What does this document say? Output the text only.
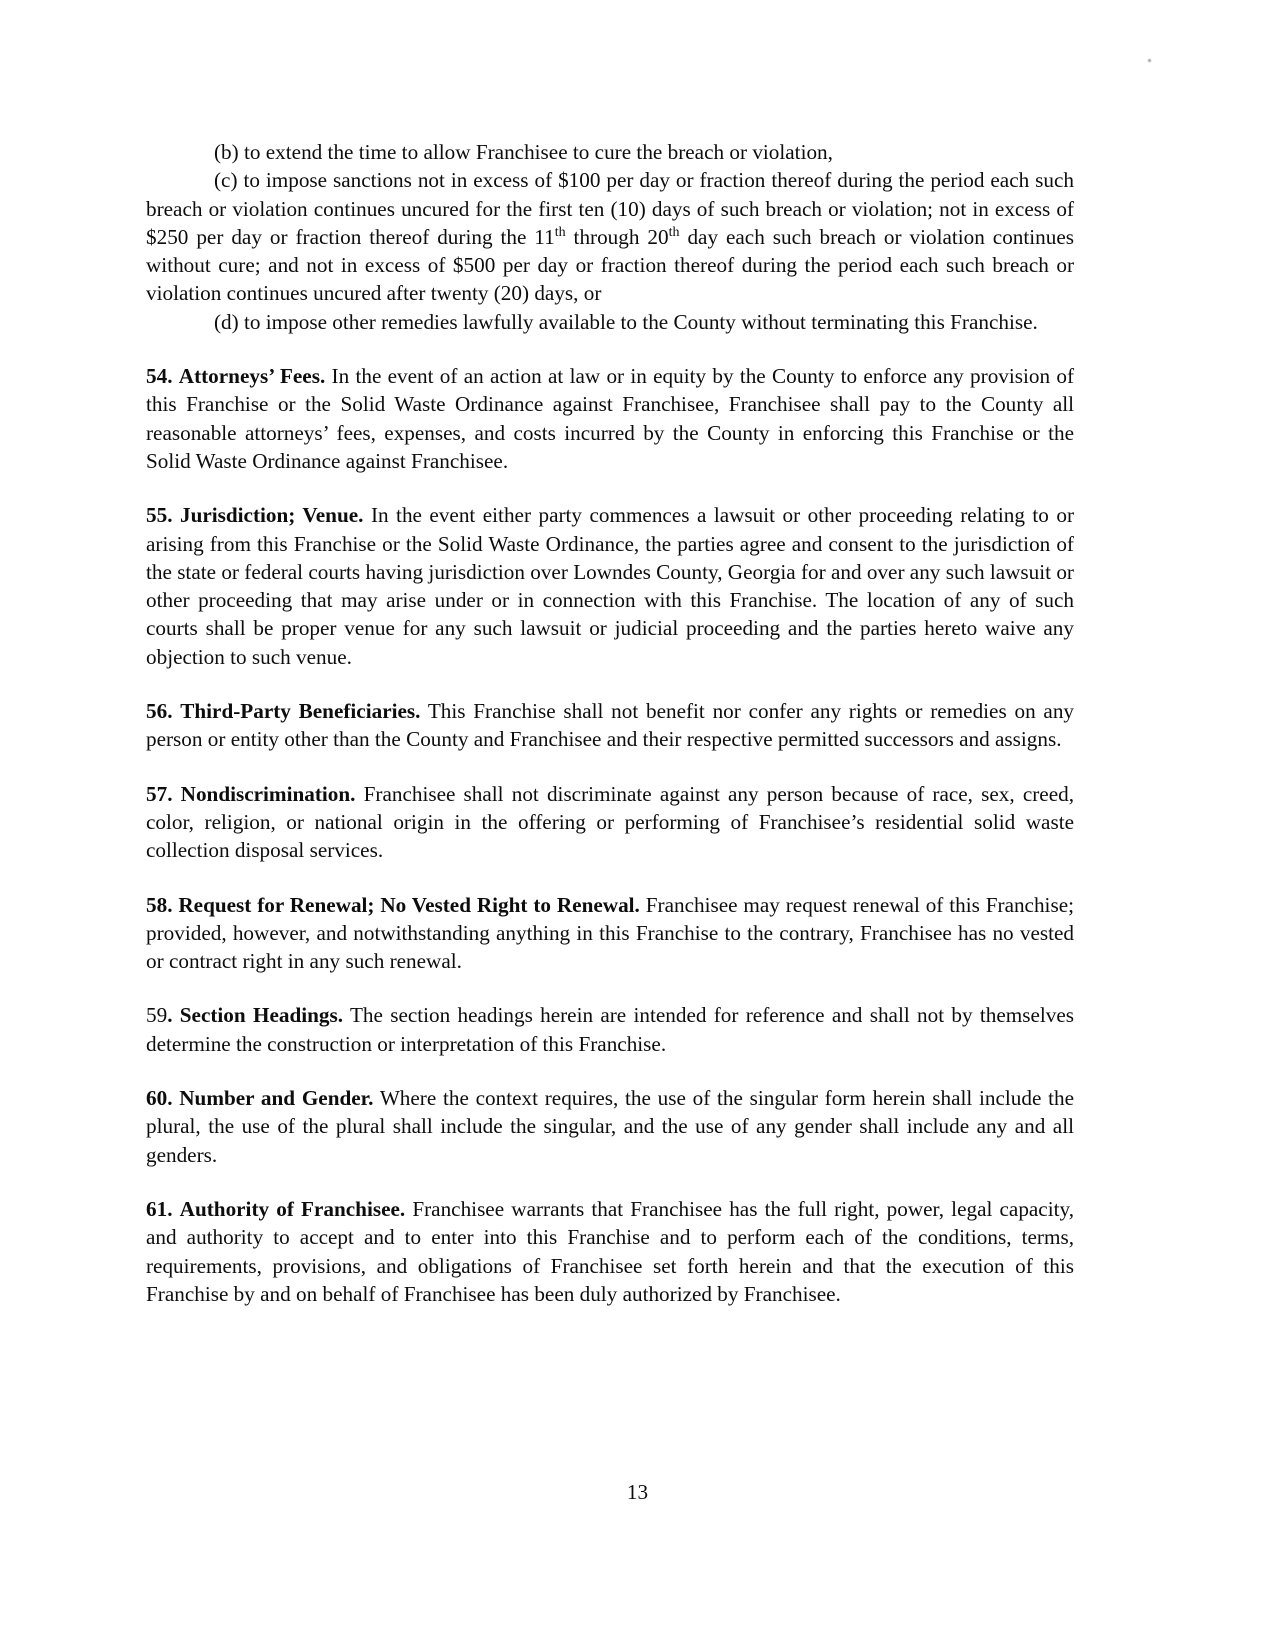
(b) to extend the time to allow Franchisee to cure the breach or violation,

(c) to impose sanctions not in excess of $100 per day or fraction thereof during the period each such breach or violation continues uncured for the first ten (10) days of such breach or violation; not in excess of $250 per day or fraction thereof during the 11th through 20th day each such breach or violation continues without cure; and not in excess of $500 per day or fraction thereof during the period each such breach or violation continues uncured after twenty (20) days, or

(d) to impose other remedies lawfully available to the County without terminating this Franchise.

54. Attorneys’ Fees. In the event of an action at law or in equity by the County to enforce any provision of this Franchise or the Solid Waste Ordinance against Franchisee, Franchisee shall pay to the County all reasonable attorneys’ fees, expenses, and costs incurred by the County in enforcing this Franchise or the Solid Waste Ordinance against Franchisee.

55. Jurisdiction; Venue. In the event either party commences a lawsuit or other proceeding relating to or arising from this Franchise or the Solid Waste Ordinance, the parties agree and consent to the jurisdiction of the state or federal courts having jurisdiction over Lowndes County, Georgia for and over any such lawsuit or other proceeding that may arise under or in connection with this Franchise. The location of any of such courts shall be proper venue for any such lawsuit or judicial proceeding and the parties hereto waive any objection to such venue.

56. Third-Party Beneficiaries. This Franchise shall not benefit nor confer any rights or remedies on any person or entity other than the County and Franchisee and their respective permitted successors and assigns.

57. Nondiscrimination. Franchisee shall not discriminate against any person because of race, sex, creed, color, religion, or national origin in the offering or performing of Franchisee’s residential solid waste collection disposal services.

58. Request for Renewal; No Vested Right to Renewal. Franchisee may request renewal of this Franchise; provided, however, and notwithstanding anything in this Franchise to the contrary, Franchisee has no vested or contract right in any such renewal.

59. Section Headings. The section headings herein are intended for reference and shall not by themselves determine the construction or interpretation of this Franchise.

60. Number and Gender. Where the context requires, the use of the singular form herein shall include the plural, the use of the plural shall include the singular, and the use of any gender shall include any and all genders.

61. Authority of Franchisee. Franchisee warrants that Franchisee has the full right, power, legal capacity, and authority to accept and to enter into this Franchise and to perform each of the conditions, terms, requirements, provisions, and obligations of Franchisee set forth herein and that the execution of this Franchise by and on behalf of Franchisee has been duly authorized by Franchisee.

13
